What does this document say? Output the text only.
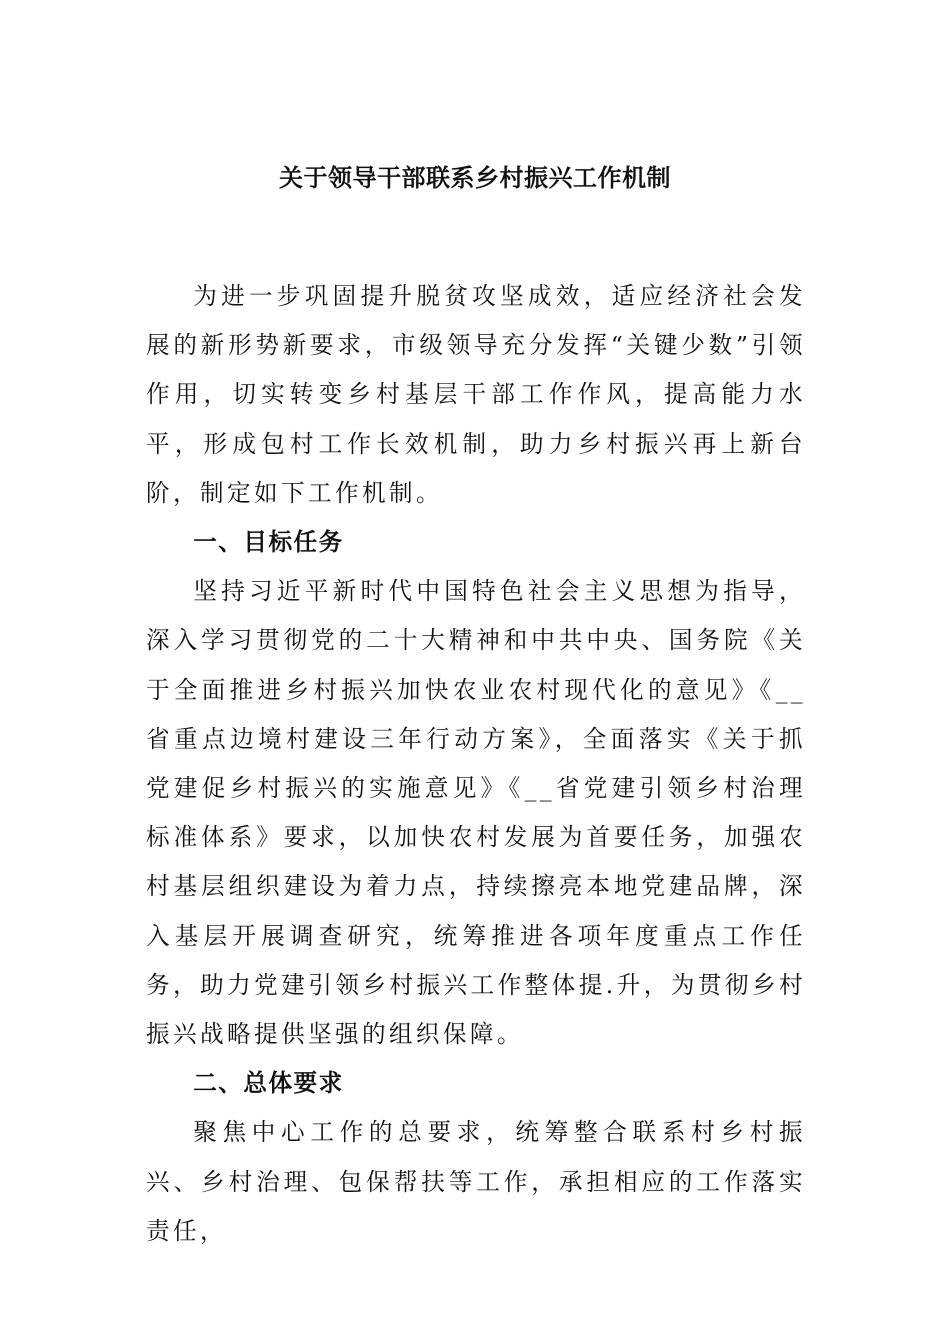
关于领导干部联系乡村振兴工作机制

为进一步巩固提升脱贫攻坚成效，适应经济社会发展的新形势新要求，市级领导充分发挥“关键少数”引领作用，切实转变乡村基层干部工作作风，提高能力水平，形成包村工作长效机制，助力乡村振兴再上新台阶，制定如下工作机制。

一、目标任务

坚持习近平新时代中国特色社会主义思想为指导，深入学习贯彻党的二十大精神和中共中央、国务院《关于全面推进乡村振兴加快农业农村现代化的意见》《__省重点边境村建设三年行动方案》，全面落实《关于抓党建促乡村振兴的实施意见》《__省党建引领乡村治理标准体系》要求，以加快农村发展为首要任务，加强农村基层组织建设为着力点，持续擦亮本地党建品牌，深入基层开展调查研究，统筹推进各项年度重点工作任务，助力党建引领乡村振兴工作整体提.升，为贯彻乡村振兴战略提供坚强的组织保障。

二、总体要求

聚焦中心工作的总要求，统筹整合联系村乡村振兴、乡村治理、包保帮扶等工作，承担相应的工作落实责任，
